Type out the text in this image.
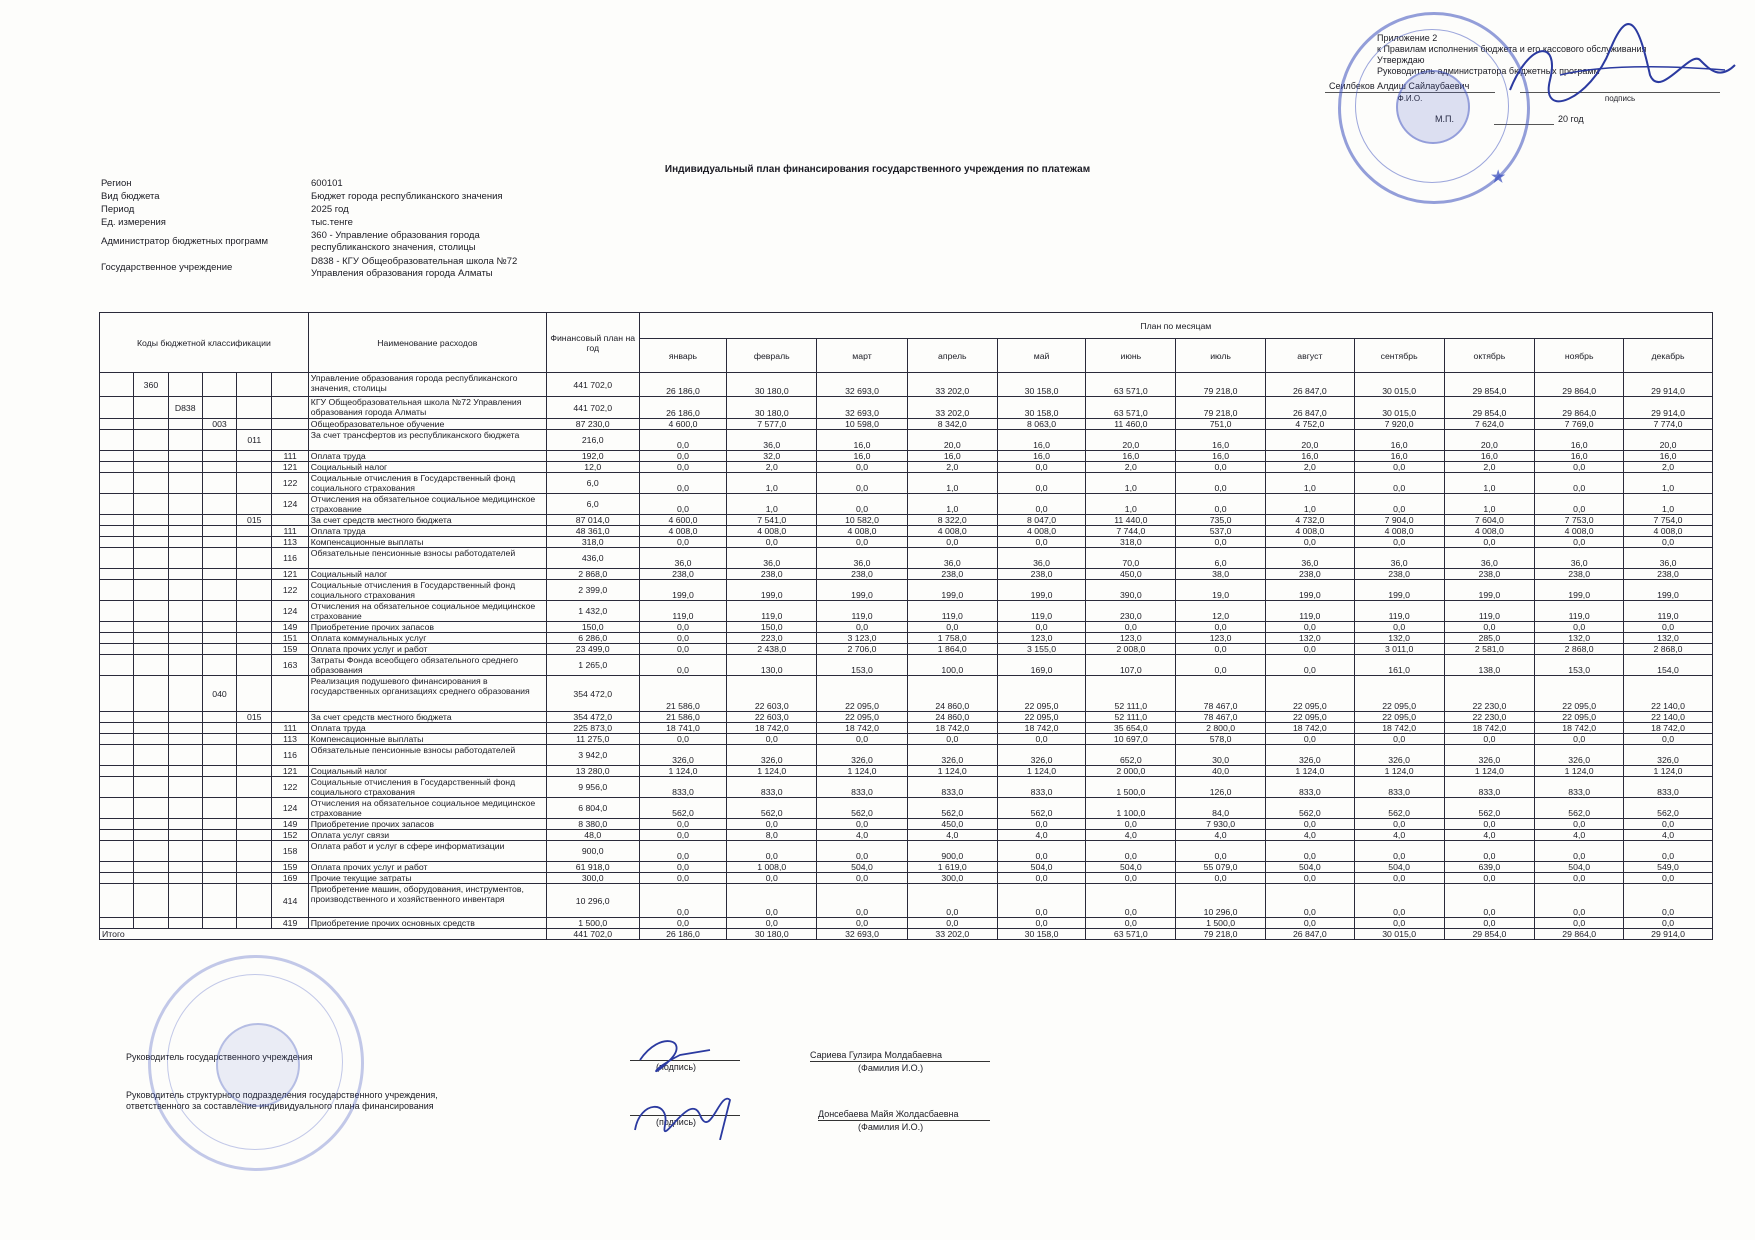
Приложение 2
к Правилам исполнения бюджета и его кассового обслуживания
Утверждаю
Руководитель администратора бюджетных программ
Сеилбеков Алдиш Сайлаубаевич
Ф.И.О.	подпись
М.П.	20 год
★
Индивидуальный план финансирования государственного учреждения по платежам
Регион	600101
Вид бюджета	Бюджет города республиканского значения
Период	2025 год
Ед. измерения	тыс.тенге
Администратор бюджетных программ
360 - Управление образования города республиканского значения, столицы
Государственное учреждение
D838 - КГУ Общеобразовательная школа №72 Управления образования города Алматы
Коды бюджетной классификации						Наименование расходов	Финансовый план на год	План по месяцам											
								январь	февраль	март	апрель	май	июнь	июль	август	сентябрь	октябрь	ноябрь	декабрь
	360					Управление образования города республиканского значения, столицы	441 702,0	26 186,0	30 180,0	32 693,0	33 202,0	30 158,0	63 571,0	79 218,0	26 847,0	30 015,0	29 854,0	29 864,0	29 914,0
		D838				КГУ Общеобразовательная школа №72 Управления образования города Алматы	441 702,0	26 186,0	30 180,0	32 693,0	33 202,0	30 158,0	63 571,0	79 218,0	26 847,0	30 015,0	29 854,0	29 864,0	29 914,0
			003			Общеобразовательное обучение	87 230,0	4 600,0	7 577,0	10 598,0	8 342,0	8 063,0	11 460,0	751,0	4 752,0	7 920,0	7 624,0	7 769,0	7 774,0
				011		За счет трансфертов из республиканского бюджета	216,0	0,0	36,0	16,0	20,0	16,0	20,0	16,0	20,0	16,0	20,0	16,0	20,0
					111	Оплата труда	192,0	0,0	32,0	16,0	16,0	16,0	16,0	16,0	16,0	16,0	16,0	16,0	16,0
					121	Социальный налог	12,0	0,0	2,0	0,0	2,0	0,0	2,0	0,0	2,0	0,0	2,0	0,0	2,0
					122	Социальные отчисления в Государственный фонд социального страхования	6,0	0,0	1,0	0,0	1,0	0,0	1,0	0,0	1,0	0,0	1,0	0,0	1,0
					124	Отчисления на обязательное социальное медицинское страхование	6,0	0,0	1,0	0,0	1,0	0,0	1,0	0,0	1,0	0,0	1,0	0,0	1,0
				015		За счет средств местного бюджета	87 014,0	4 600,0	7 541,0	10 582,0	8 322,0	8 047,0	11 440,0	735,0	4 732,0	7 904,0	7 604,0	7 753,0	7 754,0
					111	Оплата труда	48 361,0	4 008,0	4 008,0	4 008,0	4 008,0	4 008,0	7 744,0	537,0	4 008,0	4 008,0	4 008,0	4 008,0	4 008,0
					113	Компенсационные выплаты	318,0	0,0	0,0	0,0	0,0	0,0	318,0	0,0	0,0	0,0	0,0	0,0	0,0
					116	Обязательные пенсионные взносы работодателей	436,0	36,0	36,0	36,0	36,0	36,0	70,0	6,0	36,0	36,0	36,0	36,0	36,0
					121	Социальный налог	2 868,0	238,0	238,0	238,0	238,0	238,0	450,0	38,0	238,0	238,0	238,0	238,0	238,0
					122	Социальные отчисления в Государственный фонд социального страхования	2 399,0	199,0	199,0	199,0	199,0	199,0	390,0	19,0	199,0	199,0	199,0	199,0	199,0
					124	Отчисления на обязательное социальное медицинское страхование	1 432,0	119,0	119,0	119,0	119,0	119,0	230,0	12,0	119,0	119,0	119,0	119,0	119,0
					149	Приобретение прочих запасов	150,0	0,0	150,0	0,0	0,0	0,0	0,0	0,0	0,0	0,0	0,0	0,0	0,0
					151	Оплата коммунальных услуг	6 286,0	0,0	223,0	3 123,0	1 758,0	123,0	123,0	123,0	132,0	132,0	285,0	132,0	132,0
					159	Оплата прочих услуг и работ	23 499,0	0,0	2 438,0	2 706,0	1 864,0	3 155,0	2 008,0	0,0	0,0	3 011,0	2 581,0	2 868,0	2 868,0
					163	Затраты Фонда всеобщего обязательного среднего образования	1 265,0	0,0	130,0	153,0	100,0	169,0	107,0	0,0	0,0	161,0	138,0	153,0	154,0
			040			Реализация подушевого финансирования в государственных организациях среднего образования	354 472,0	21 586,0	22 603,0	22 095,0	24 860,0	22 095,0	52 111,0	78 467,0	22 095,0	22 095,0	22 230,0	22 095,0	22 140,0
				015		За счет средств местного бюджета	354 472,0	21 586,0	22 603,0	22 095,0	24 860,0	22 095,0	52 111,0	78 467,0	22 095,0	22 095,0	22 230,0	22 095,0	22 140,0
					111	Оплата труда	225 873,0	18 741,0	18 742,0	18 742,0	18 742,0	18 742,0	35 654,0	2 800,0	18 742,0	18 742,0	18 742,0	18 742,0	18 742,0
					113	Компенсационные выплаты	11 275,0	0,0	0,0	0,0	0,0	0,0	10 697,0	578,0	0,0	0,0	0,0	0,0	0,0
					116	Обязательные пенсионные взносы работодателей	3 942,0	326,0	326,0	326,0	326,0	326,0	652,0	30,0	326,0	326,0	326,0	326,0	326,0
					121	Социальный налог	13 280,0	1 124,0	1 124,0	1 124,0	1 124,0	1 124,0	2 000,0	40,0	1 124,0	1 124,0	1 124,0	1 124,0	1 124,0
					122	Социальные отчисления в Государственный фонд социального страхования	9 956,0	833,0	833,0	833,0	833,0	833,0	1 500,0	126,0	833,0	833,0	833,0	833,0	833,0
					124	Отчисления на обязательное социальное медицинское страхование	6 804,0	562,0	562,0	562,0	562,0	562,0	1 100,0	84,0	562,0	562,0	562,0	562,0	562,0
					149	Приобретение прочих запасов	8 380,0	0,0	0,0	0,0	450,0	0,0	0,0	7 930,0	0,0	0,0	0,0	0,0	0,0
					152	Оплата услуг связи	48,0	0,0	8,0	4,0	4,0	4,0	4,0	4,0	4,0	4,0	4,0	4,0	4,0
					158	Оплата работ и услуг в сфере информатизации	900,0	0,0	0,0	0,0	900,0	0,0	0,0	0,0	0,0	0,0	0,0	0,0	0,0
					159	Оплата прочих услуг и работ	61 918,0	0,0	1 008,0	504,0	1 619,0	504,0	504,0	55 079,0	504,0	504,0	639,0	504,0	549,0
					169	Прочие текущие затраты	300,0	0,0	0,0	0,0	300,0	0,0	0,0	0,0	0,0	0,0	0,0	0,0	0,0
					414	Приобретение машин, оборудования, инструментов, производственного и хозяйственного инвентаря	10 296,0	0,0	0,0	0,0	0,0	0,0	0,0	10 296,0	0,0	0,0	0,0	0,0	0,0
					419	Приобретение прочих основных средств	1 500,0	0,0	0,0	0,0	0,0	0,0	0,0	1 500,0	0,0	0,0	0,0	0,0	0,0
Итого							441 702,0	26 186,0	30 180,0	32 693,0	33 202,0	30 158,0	63 571,0	79 218,0	26 847,0	30 015,0	29 854,0	29 864,0	29 914,0
Руководитель государственного учреждения
Руководитель структурного подразделения государственного учреждения, ответственного за составление индивидуального плана финансирования
(подпись)
Сариева Гулзира Молдабаевна
(Фамилия И.О.)
(подпись)
Донсебаева Майя Жолдасбаевна
(Фамилия И.О.)
